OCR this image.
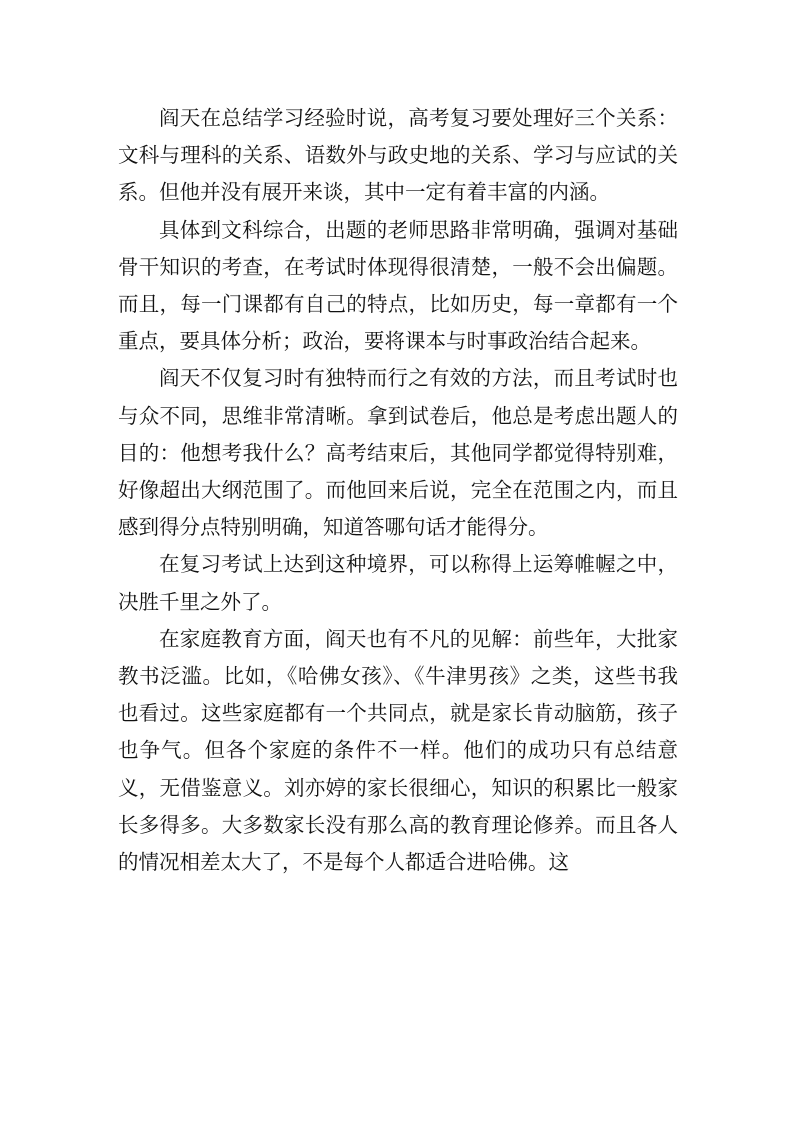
阎天在总结学习经验时说，高考复习要处理好三个关系：文科与理科的关系、语数外与政史地的关系、学习与应试的关系。但他并没有展开来谈，其中一定有着丰富的内涵。

具体到文科综合，出题的老师思路非常明确，强调对基础骨干知识的考查，在考试时体现得很清楚，一般不会出偏题。而且，每一门课都有自己的特点，比如历史，每一章都有一个重点，要具体分析；政治，要将课本与时事政治结合起来。

阎天不仅复习时有独特而行之有效的方法，而且考试时也与众不同，思维非常清晰。拿到试卷后，他总是考虑出题人的目的：他想考我什么？高考结束后，其他同学都觉得特别难，好像超出大纲范围了。而他回来后说，完全在范围之内，而且感到得分点特别明确，知道答哪句话才能得分。

在复习考试上达到这种境界，可以称得上运筹帷幄之中，决胜千里之外了。

在家庭教育方面，阎天也有不凡的见解：前些年，大批家教书泛滥。比如，《哈佛女孩》、《牛津男孩》之类，这些书我也看过。这些家庭都有一个共同点，就是家长肯动脑筋，孩子也争气。但各个家庭的条件不一样。他们的成功只有总结意义，无借鉴意义。刘亦婷的家长很细心，知识的积累比一般家长多得多。大多数家长没有那么高的教育理论修养。而且各人的情况相差太大了，不是每个人都适合进哈佛。这
